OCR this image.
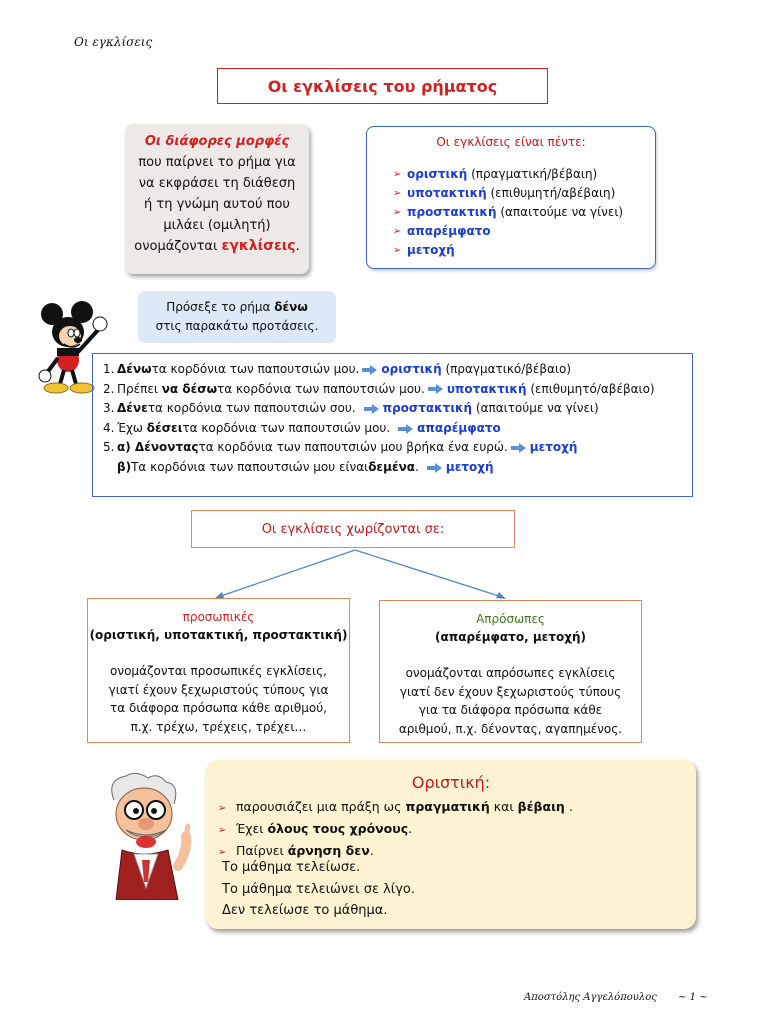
Οι εγκλίσεις
Οι εγκλίσεις του ρήματος
Οι διάφορες μορφές
που παίρνει το ρήμα για
να εκφράσει τη διάθεση
ή τη γνώμη αυτού που
μιλάει (ομιλητή)
ονομάζονται εγκλίσεις.
Οι εγκλίσεις είναι πέντε:
➢ οριστική
(πραγματική/βέβαιη)
➢ υποτακτική
(επιθυμητή/αβέβαιη)
➢ προστακτική
(απαιτούμε να γίνει)
➢ απαρέμφατο
➢ μετοχή
Πρόσεξε το ρήμα δένω
στις παρακάτω προτάσεις.
1. Δένω τα κορδόνια των παπουτσιών μου. οριστική
(πραγματικό/βέβαιο)
2. Πρέπει
να δέσω τα κορδόνια των παπουτσιών μου. υποτακτική
(επιθυμητό/αβέβαιο)
3. Δένε τα κορδόνια των παπουτσιών σου. προστακτική
(απαιτούμε να γίνει)
4. Έχω
δέσει τα κορδόνια των παπουτσιών μου. απαρέμφατο
5. α) Δένοντας τα κορδόνια των παπουτσιών μου βρήκα ένα ευρώ. μετοχή
β) Τα κορδόνια των παπουτσιών μου είναι δεμένα . μετοχή
Οι εγκλίσεις χωρίζονται σε:
προσωπικές
(οριστική, υποτακτική, προστακτική)
ονομάζονται προσωπικές εγκλίσεις,
γιατί έχουν ξεχωριστούς τύπους για
τα διάφορα πρόσωπα κάθε αριθμού,
π.χ. τρέχω, τρέχεις, τρέχει…
Απρόσωπες
(απαρέμφατο, μετοχή)
ονομάζονται απρόσωπες εγκλίσεις
γιατί δεν έχουν ξεχωριστούς τύπους
για τα διάφορα πρόσωπα κάθε
αριθμού, π.χ. δένοντας, αγαπημένος.
Οριστική:
➢ παρουσιάζει μια πράξη ως πραγματική και βέβαιη .
➢ Έχει όλους τους χρόνους.
➢ Παίρνει άρνηση δεν.
Το μάθημα τελείωσε.
Το μάθημα τελειώνει σε λίγο.
Δεν τελείωσε το μάθημα.
Αποστόλης Αγγελόπουλος ~ 1 ~
